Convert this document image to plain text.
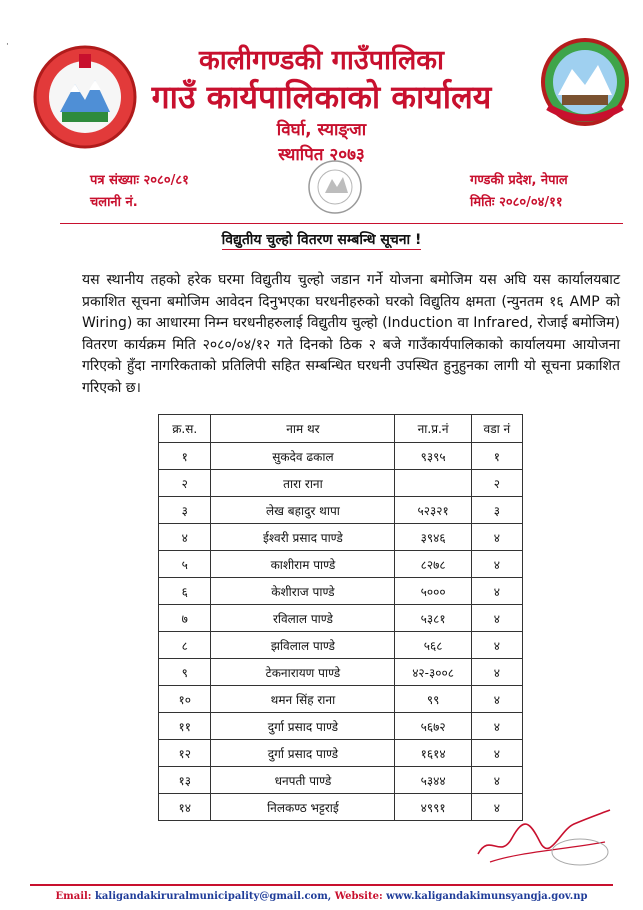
·	कालीगण्डकी गाउँपालिका
गाउँ कार्यपालिकाको कार्यालय
विर्घा, स्याङ्जा
स्थापित २०७३
पत्र संख्याः २०८०/८१
चलानी नं.
गण्डकी प्रदेश, नेपाल
मितिः २०८०/०४/११
विद्युतीय चुल्हो वितरण सम्बन्धि सूचना !
यस स्थानीय तहको हरेक घरमा विद्युतीय चुल्हो जडान गर्ने योजना बमोजिम यस अघि यस कार्यालयबाट प्रकाशित सूचना बमोजिम आवेदन दिनुभएका घरधनीहरुको घरको विद्युतिय क्षमता (न्युनतम १६ AMP को Wiring) का आधारमा निम्न घरधनीहरुलाई विद्युतीय चुल्हो (Induction वा Infrared, रोजाई बमोजिम) वितरण कार्यक्रम मिति २०८०/०४/१२ गते दिनको ठिक २ बजे गाउँकार्यपालिकाको कार्यालयमा आयोजना गरिएको हुँदा नागरिकताको प्रतिलिपी सहित सम्बन्धित घरधनी उपस्थित हुनुहुनका लागी यो सूचना प्रकाशित गरिएको छ।
क्र.स.	नाम थर	ना.प्र.नं	वडा नं
१	सुकदेव ढकाल	९३९५	१
२	तारा राना		२
३	लेख बहादुर थापा	५२३२१	३
४	ईश्वरी प्रसाद पाण्डे	३९४६	४
५	काशीराम पाण्डे	८२७८	४
६	केशीराज पाण्डे	५०००	४
७	रविलाल पाण्डे	५३८१	४
८	झविलाल पाण्डे	५६८	४
९	टेकनारायण पाण्डे	४२-३००८	४
१०	थमन सिंह राना	९९	४
११	दुर्गा प्रसाद पाण्डे	५६७२	४
१२	दुर्गा प्रसाद पाण्डे	१६१४	४
१३	धनपती पाण्डे	५३४४	४
१४	निलकण्ठ भट्टराई	४९९१	४
Email: kaligandakiruralmunicipality@gmail.com, Website: www.kaligandakimunsyangja.gov.np
